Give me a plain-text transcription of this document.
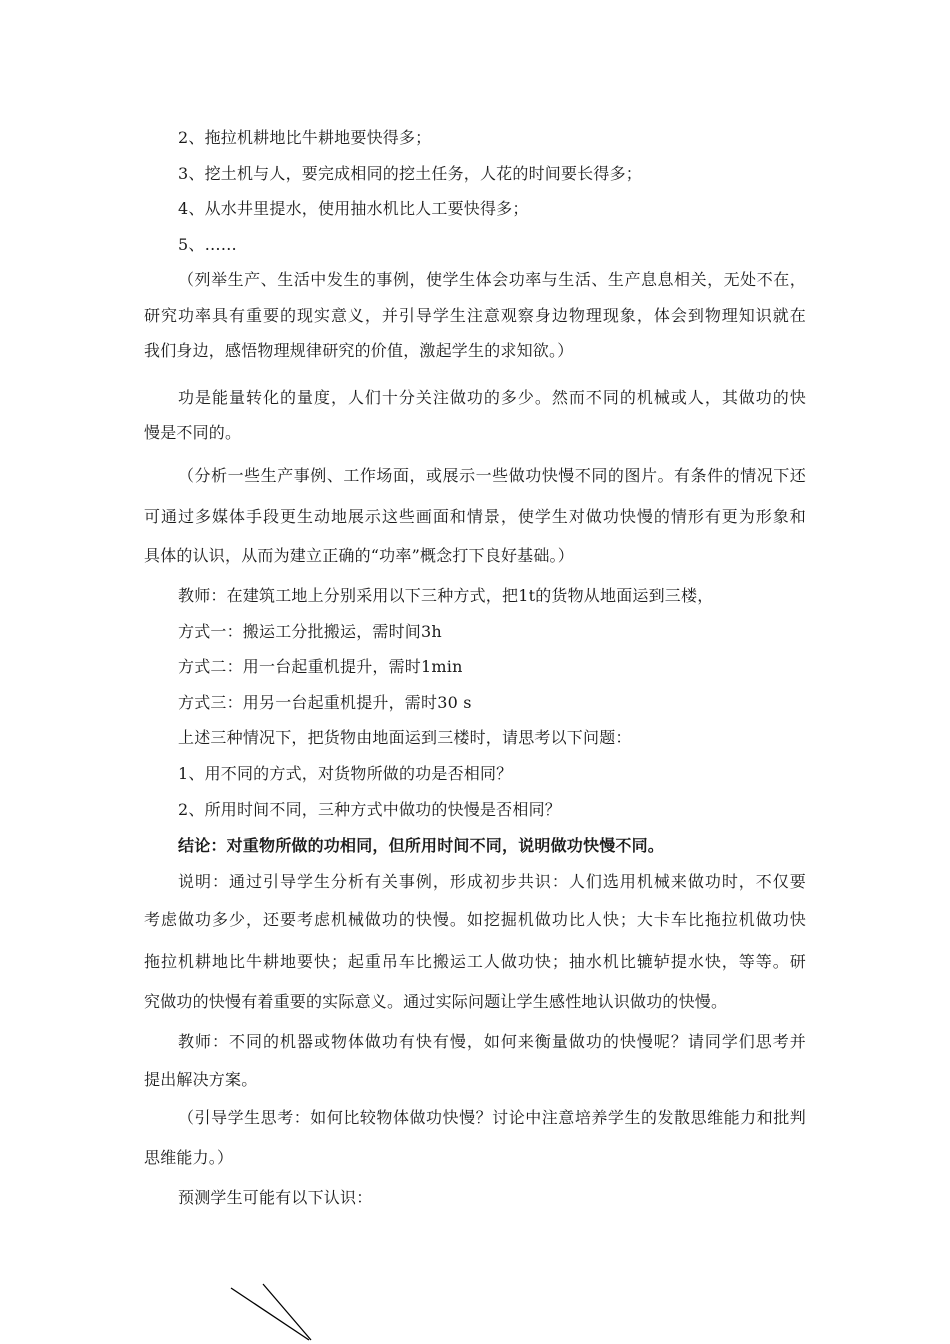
2、拖拉机耕地比牛耕地要快得多；
3、挖土机与人，要完成相同的挖土任务，人花的时间要长得多；
4、从水井里提水，使用抽水机比人工要快得多；
5、……
（列举生产、生活中发生的事例，使学生体会功率与生活、生产息息相关，无处不在，
研究功率具有重要的现实意义，并引导学生注意观察身边物理现象，体会到物理知识就在
我们身边，感悟物理规律研究的价值，激起学生的求知欲。）
功是能量转化的量度，人们十分关注做功的多少。然而不同的机械或人，其做功的快
慢是不同的。
（分析一些生产事例、工作场面，或展示一些做功快慢不同的图片。有条件的情况下还
可通过多媒体手段更生动地展示这些画面和情景，使学生对做功快慢的情形有更为形象和
具体的认识，从而为建立正确的“功率”概念打下良好基础。）
教师：在建筑工地上分别采用以下三种方式，把1t的货物从地面运到三楼，
方式一：搬运工分批搬运，需时间3h
方式二：用一台起重机提升，需时1min
方式三：用另一台起重机提升，需时30 s
上述三种情况下，把货物由地面运到三楼时，请思考以下问题：
1、用不同的方式，对货物所做的功是否相同？
2、所用时间不同，三种方式中做功的快慢是否相同？
结论：对重物所做的功相同，但所用时间不同，说明做功快慢不同。
说明：通过引导学生分析有关事例，形成初步共识：人们选用机械来做功时，不仅要
考虑做功多少，还要考虑机械做功的快慢。如挖掘机做功比人快；大卡车比拖拉机做功快
拖拉机耕地比牛耕地要快；起重吊车比搬运工人做功快；抽水机比辘轳提水快，等等。研
究做功的快慢有着重要的实际意义。通过实际问题让学生感性地认识做功的快慢。
教师：不同的机器或物体做功有快有慢，如何来衡量做功的快慢呢？请同学们思考并
提出解决方案。
（引导学生思考：如何比较物体做功快慢？讨论中注意培养学生的发散思维能力和批判
思维能力。）
预测学生可能有以下认识：
